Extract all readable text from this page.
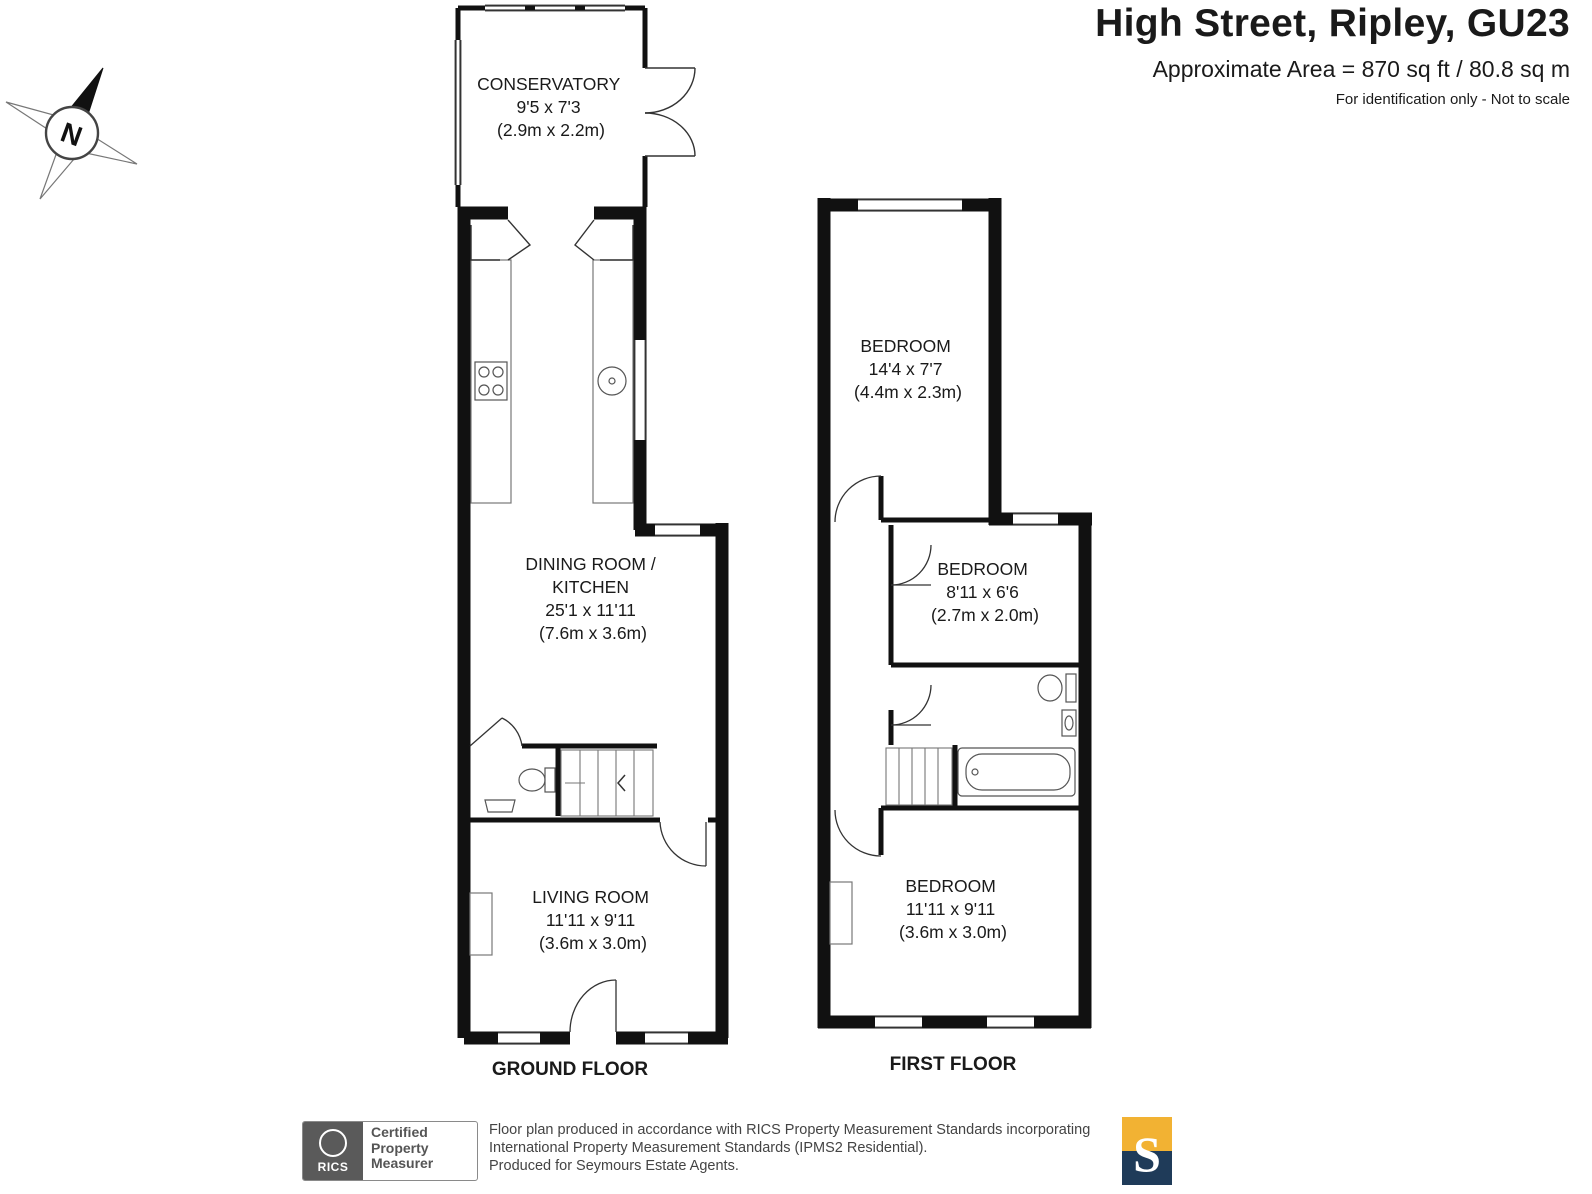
High Street, Ripley, GU23
Approximate Area = 870 sq ft / 80.8 sq m
For identification only - Not to scale
N
CONSERVATORY 9'5 x 7'3 (2.9m x 2.2m)
DINING ROOM / KITCHEN 25'1 x 11'11 (7.6m x 3.6m)
LIVING ROOM 11'11 x 9'11 (3.6m x 3.0m)
BEDROOM 14'4 x 7'7 (4.4m x 2.3m)
BEDROOM 8'11 x 6'6 (2.7m x 2.0m)
BEDROOM 11'11 x 9'11 (3.6m x 3.0m)
GROUND FLOOR	FIRST FLOOR
RICS
Certified
Property
Measurer
Floor plan produced in accordance with RICS Property Measurement Standards incorporating
International Property Measurement Standards (IPMS2 Residential).
Produced for Seymours Estate Agents.	S
